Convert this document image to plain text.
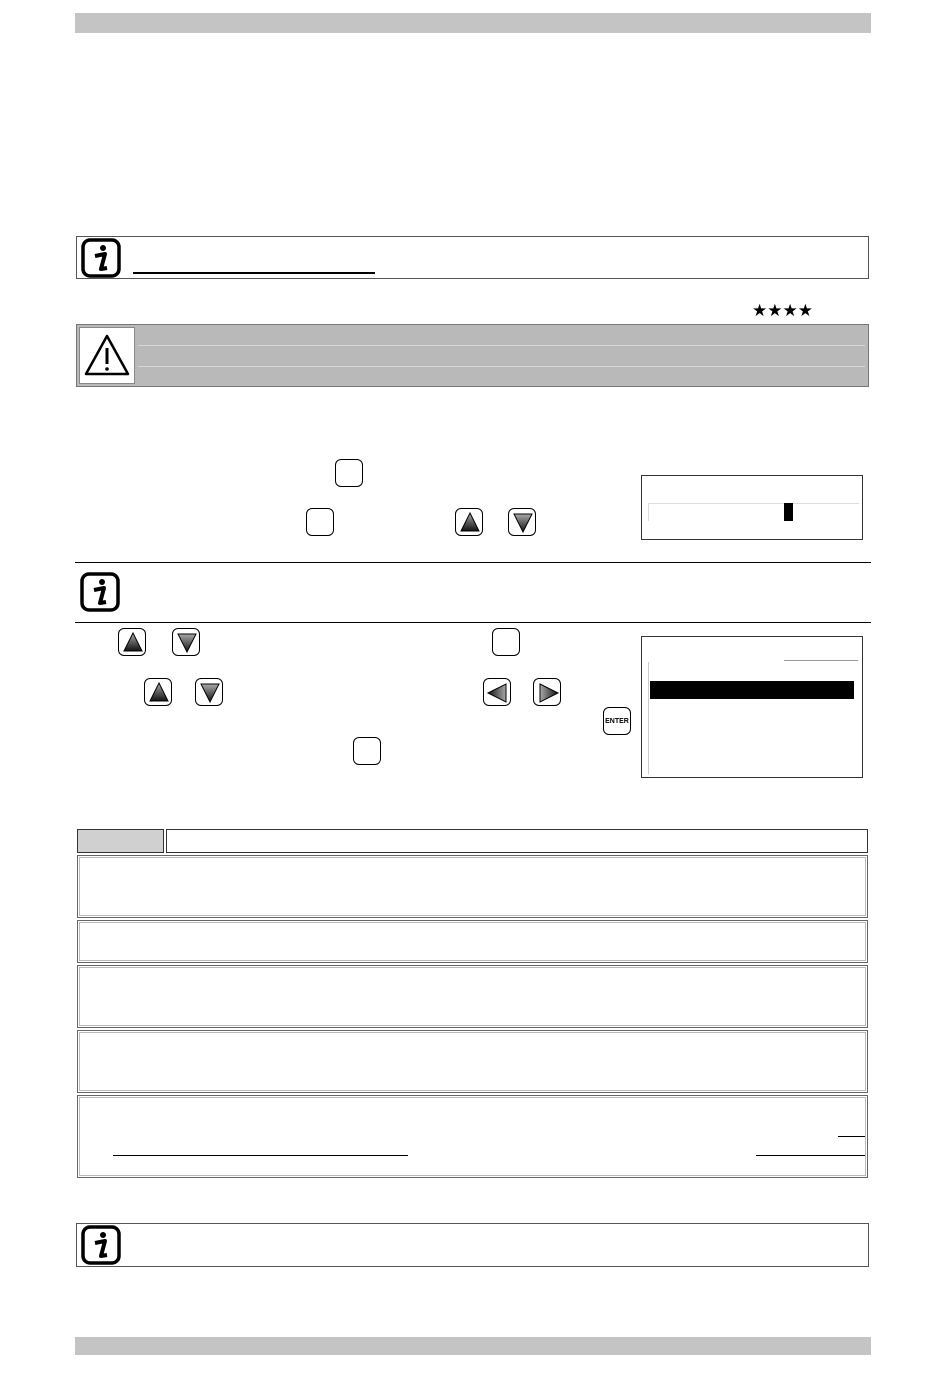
★★★★
ENTER
